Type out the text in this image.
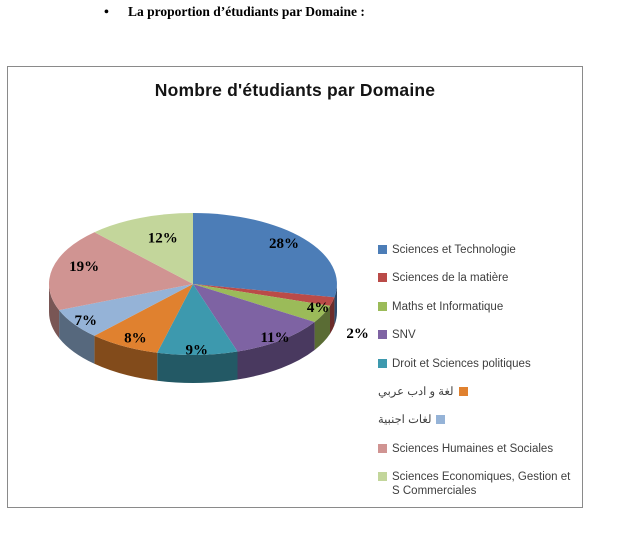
• La proportion d’étudiants par Domaine :
Nombre d'étudiants par Domaine
28%
2%
4%
11%
9%
8%
7%
19%
12%
Sciences et Technologie
Sciences de la matière
Maths et Informatique
SNV
Droit et Sciences politiques
لغة و ادب عربي
لغات اجنبية
Sciences Humaines et Sociales
Sciences Economiques, Gestion et S Commerciales
